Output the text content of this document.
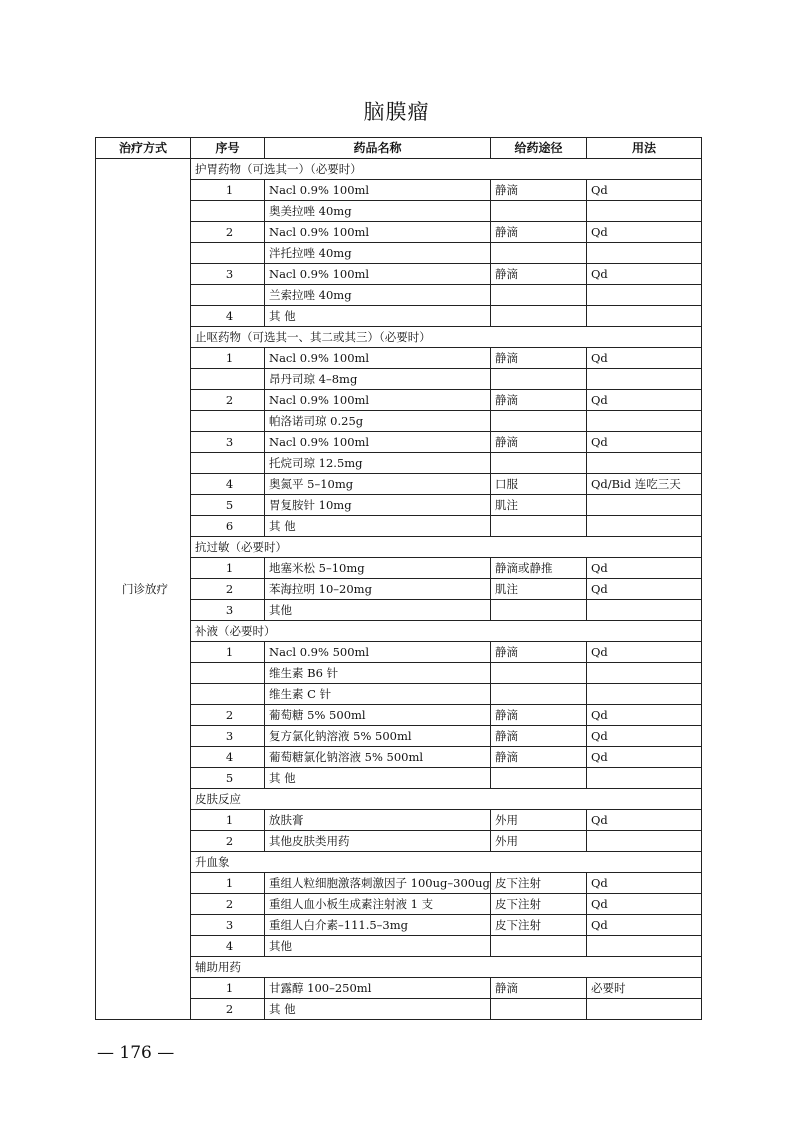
脑膜瘤
治疗方式	序号	药品名称	给药途径	用法
门诊放疗	护胃药物（可选其一）（必要时）			
	1	Nacl 0.9% 100ml	静滴	Qd
		奥美拉唑 40mg		
	2	Nacl 0.9% 100ml	静滴	Qd
		泮托拉唑 40mg		
	3	Nacl 0.9% 100ml	静滴	Qd
		兰索拉唑 40mg		
	4	其 他		
	止呕药物（可选其一、其二或其三）（必要时）			
	1	Nacl 0.9% 100ml	静滴	Qd
		昂丹司琼 4–8mg		
	2	Nacl 0.9% 100ml	静滴	Qd
		帕洛诺司琼 0.25g		
	3	Nacl 0.9% 100ml	静滴	Qd
		托烷司琼 12.5mg		
	4	奥氮平 5–10mg	口服	Qd/Bid 连吃三天
	5	胃复胺针 10mg	肌注	
	6	其 他		
	抗过敏（必要时）			
	1	地塞米松 5–10mg	静滴或静推	Qd
	2	苯海拉明 10–20mg	肌注	Qd
	3	其他		
	补液（必要时）			
	1	Nacl 0.9% 500ml	静滴	Qd
		维生素 B6 针		
		维生素 C 针		
	2	葡萄糖 5% 500ml	静滴	Qd
	3	复方氯化钠溶液 5% 500ml	静滴	Qd
	4	葡萄糖氯化钠溶液 5% 500ml	静滴	Qd
	5	其 他		
	皮肤反应			
	1	放肤膏	外用	Qd
	2	其他皮肤类用药	外用	
	升血象			
	1	重组人粒细胞激落刺激因子 100ug–300ug	皮下注射	Qd
	2	重组人血小板生成素注射液 1 支	皮下注射	Qd
	3	重组人白介素–111.5–3mg	皮下注射	Qd
	4	其他		
	辅助用药			
	1	甘露醇 100–250ml	静滴	必要时
	2	其 他		
— 176 —
